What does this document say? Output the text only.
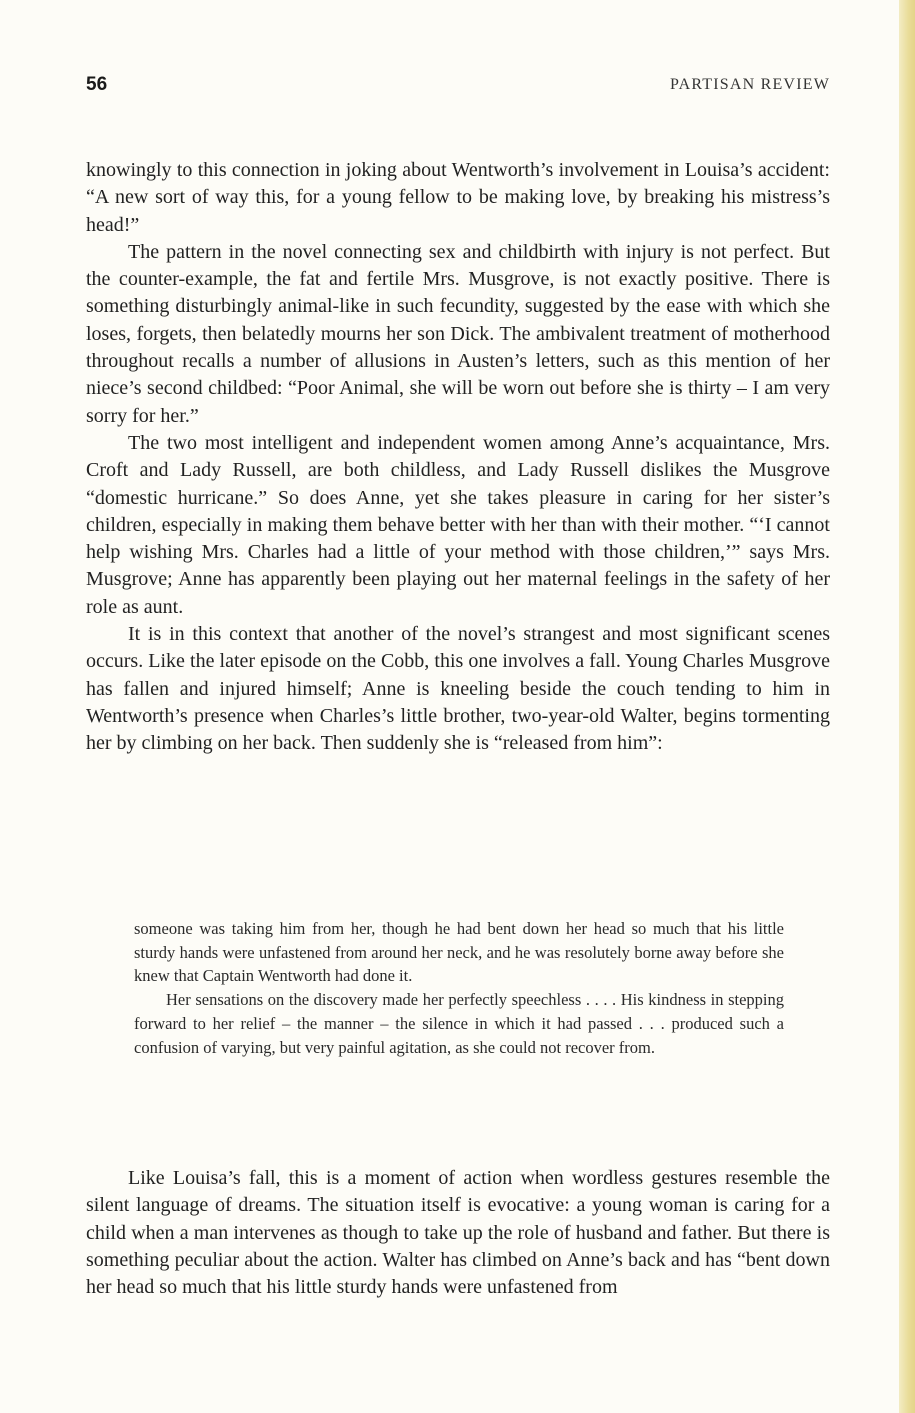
56	PARTISAN REVIEW

knowingly to this connection in joking about Wentworth’s involvement in Louisa’s accident: “A new sort of way this, for a young fellow to be making love, by breaking his mistress’s head!”

The pattern in the novel connecting sex and childbirth with injury is not perfect. But the counter-example, the fat and fertile Mrs. Musgrove, is not exactly positive. There is something disturbingly animal-like in such fecundity, suggested by the ease with which she loses, forgets, then belatedly mourns her son Dick. The ambivalent treatment of motherhood throughout recalls a number of allusions in Austen’s letters, such as this mention of her niece’s second childbed: “Poor Animal, she will be worn out before she is thirty – I am very sorry for her.”

The two most intelligent and independent women among Anne’s acquaintance, Mrs. Croft and Lady Russell, are both childless, and Lady Russell dislikes the Musgrove “domestic hurricane.” So does Anne, yet she takes pleasure in caring for her sister’s children, especially in making them behave better with her than with their mother. “‘I cannot help wishing Mrs. Charles had a little of your method with those children,’” says Mrs. Musgrove; Anne has apparently been playing out her maternal feelings in the safety of her role as aunt.

It is in this context that another of the novel’s strangest and most significant scenes occurs. Like the later episode on the Cobb, this one involves a fall. Young Charles Musgrove has fallen and injured himself; Anne is kneeling beside the couch tending to him in Wentworth’s presence when Charles’s little brother, two-year-old Walter, begins tormenting her by climbing on her back. Then suddenly she is “released from him”:

someone was taking him from her, though he had bent down her head so much that his little sturdy hands were unfastened from around her neck, and he was resolutely borne away before she knew that Captain Wentworth had done it.

Her sensations on the discovery made her perfectly speechless . . . . His kindness in stepping forward to her relief – the manner – the silence in which it had passed . . . produced such a confusion of varying, but very painful agitation, as she could not recover from.

Like Louisa’s fall, this is a moment of action when wordless gestures resemble the silent language of dreams. The situation itself is evocative: a young woman is caring for a child when a man intervenes as though to take up the role of husband and father. But there is something peculiar about the action. Walter has climbed on Anne’s back and has “bent down her head so much that his little sturdy hands were unfastened from
